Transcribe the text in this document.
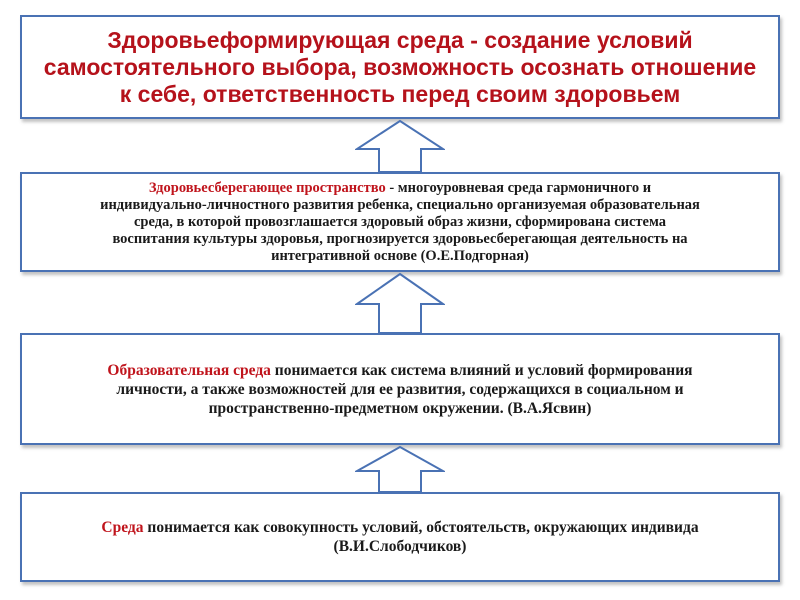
Здоровьеформирующая среда - создание условий
самостоятельного выбора, возможность осознать отношение
к себе, ответственность перед своим здоровьем
Здоровьесберегающее пространство - многоуровневая среда гармоничного и
индивидуально-личностного развития ребенка, специально организуемая образовательная
среда, в которой провозглашается здоровый образ жизни, сформирована система
воспитания культуры здоровья, прогнозируется здоровьесберегающая деятельность на
интегративной основе (О.Е.Подгорная)
Образовательная среда понимается как система влияний и условий формирования
личности, а также возможностей для ее развития, содержащихся в социальном и
пространственно-предметном окружении. (В.А.Ясвин)
Среда понимается как совокупность условий, обстоятельств, окружающих индивида
(В.И.Слободчиков)
